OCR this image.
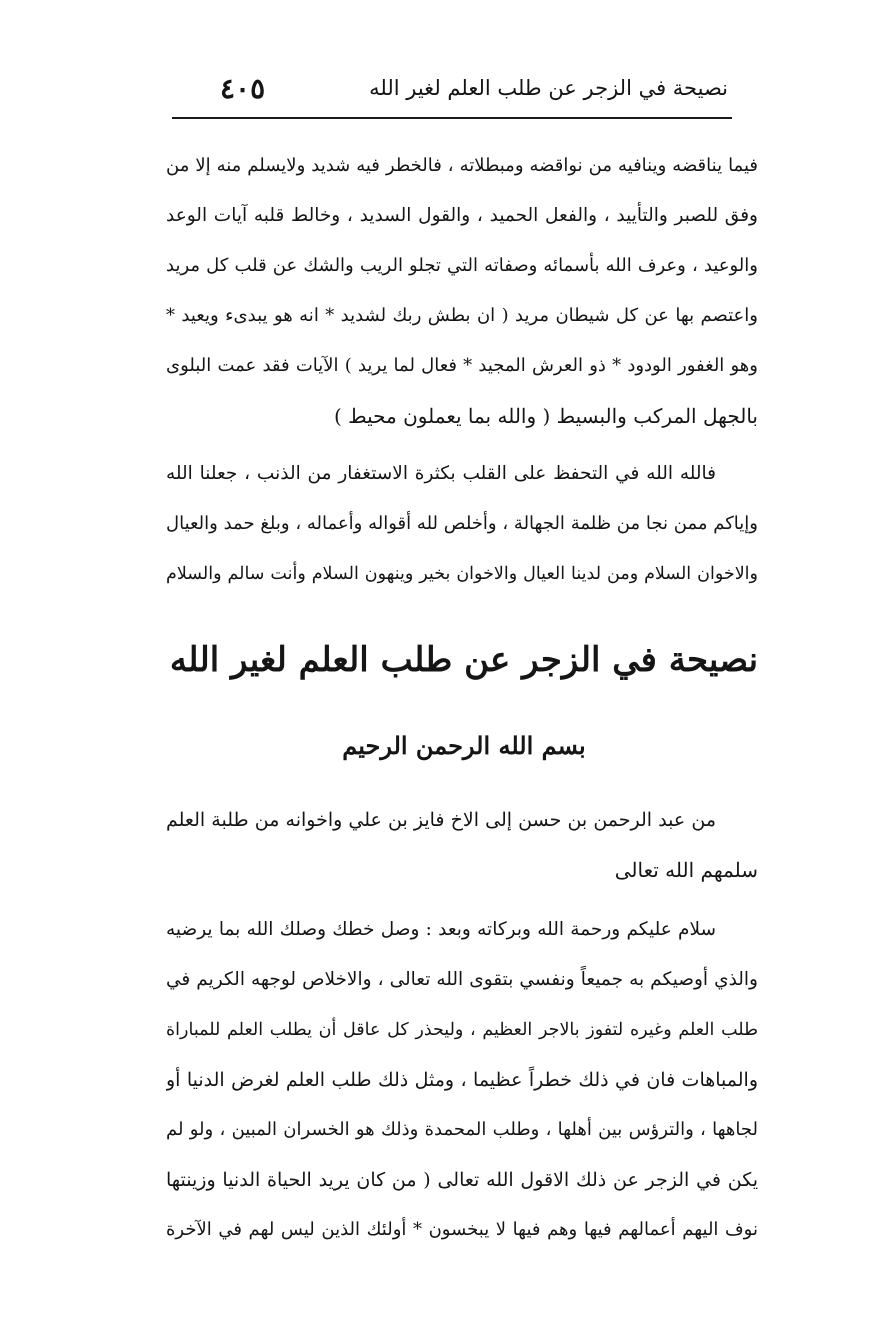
٤٠٥	نصيحة في الزجر عن طلب العلم لغير الله
فيما يناقضه وينافيه من نواقضه ومبطلاته ، فالخطر فيه شديد ولايسلم منه إلا من
وفق للصبر والتأييد ، والفعل الحميد ، والقول السديد ، وخالط قلبه آيات الوعد
والوعيد ، وعرف الله بأسمائه وصفاته التي تجلو الريب والشك عن قلب كل مريد
واعتصم بها عن كل شيطان مريد ( ان بطش ربك لشديد * انه هو يبدىء ويعيد *
وهو الغفور الودود * ذو العرش المجيد * فعال لما يريد ) الآيات فقد عمت البلوى
بالجهل المركب والبسيط ( والله بما يعملون محيط )
فالله الله في التحفظ على القلب بكثرة الاستغفار من الذنب ، جعلنا الله
وإياكم ممن نجا من ظلمة الجهالة ، وأخلص لله أقواله وأعماله ، وبلغ حمد والعيال
والاخوان السلام ومن لدينا العيال والاخوان بخير وينهون السلام وأنت سالم والسلام
نصيحة في الزجر عن طلب العلم لغير الله
بسم الله الرحمن الرحيم
من عبد الرحمن بن حسن إلى الاخ فايز بن علي واخوانه من طلبة العلم
سلمهم الله تعالى
سلام عليكم ورحمة الله وبركاته وبعد : وصل خطك وصلك الله بما يرضيه
والذي أوصيكم به جميعاً ونفسي بتقوى الله تعالى ، والاخلاص لوجهه الكريم في
طلب العلم وغيره لتفوز بالاجر العظيم ، وليحذر كل عاقل أن يطلب العلم للمباراة
والمباهات فان في ذلك خطراً عظيما ، ومثل ذلك طلب العلم لغرض الدنيا أو
لجاهها ، والترؤس بين أهلها ، وطلب المحمدة وذلك هو الخسران المبين ، ولو لم
يكن في الزجر عن ذلك الاقول الله تعالى ( من كان يريد الحياة الدنيا وزينتها
نوف اليهم أعمالهم فيها وهم فيها لا يبخسون * أولئك الذين ليس لهم في الآخرة
